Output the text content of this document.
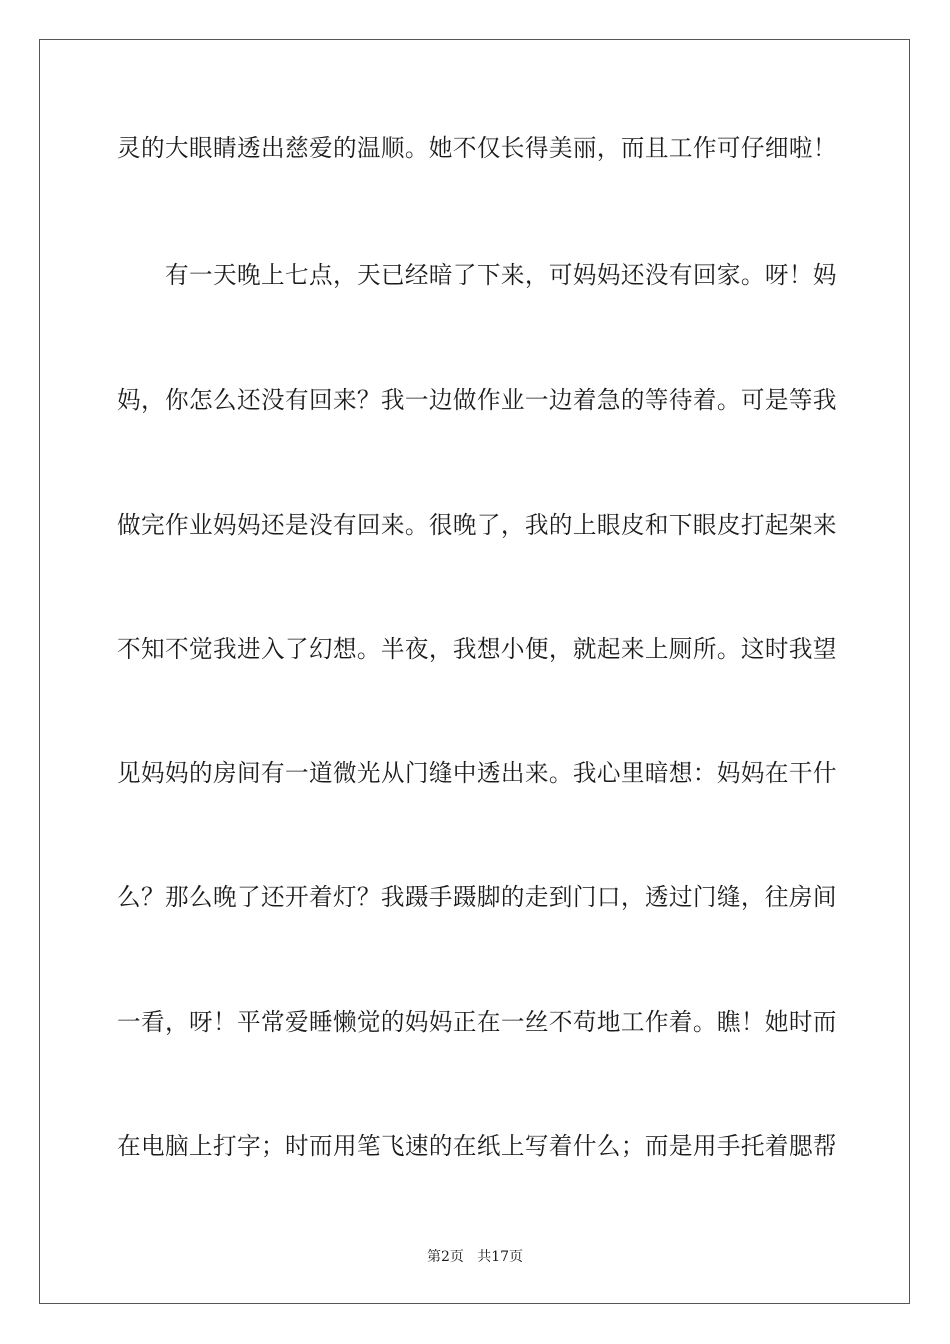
灵的大眼睛透出慈爱的温顺。她不仅长得美丽，而且工作可仔细啦！
有一天晚上七点，天已经暗了下来，可妈妈还没有回家。呀！妈
妈，你怎么还没有回来？我一边做作业一边着急的等待着。可是等我
做完作业妈妈还是没有回来。很晚了，我的上眼皮和下眼皮打起架来
不知不觉我进入了幻想。半夜，我想小便，就起来上厕所。这时我望
见妈妈的房间有一道微光从门缝中透出来。我心里暗想：妈妈在干什
么？那么晚了还开着灯？我蹑手蹑脚的走到门口，透过门缝，往房间
一看，呀！平常爱睡懒觉的妈妈正在一丝不苟地工作着。瞧！她时而
在电脑上打字；时而用笔飞速的在纸上写着什么；而是用手托着腮帮
第2页   共17页
